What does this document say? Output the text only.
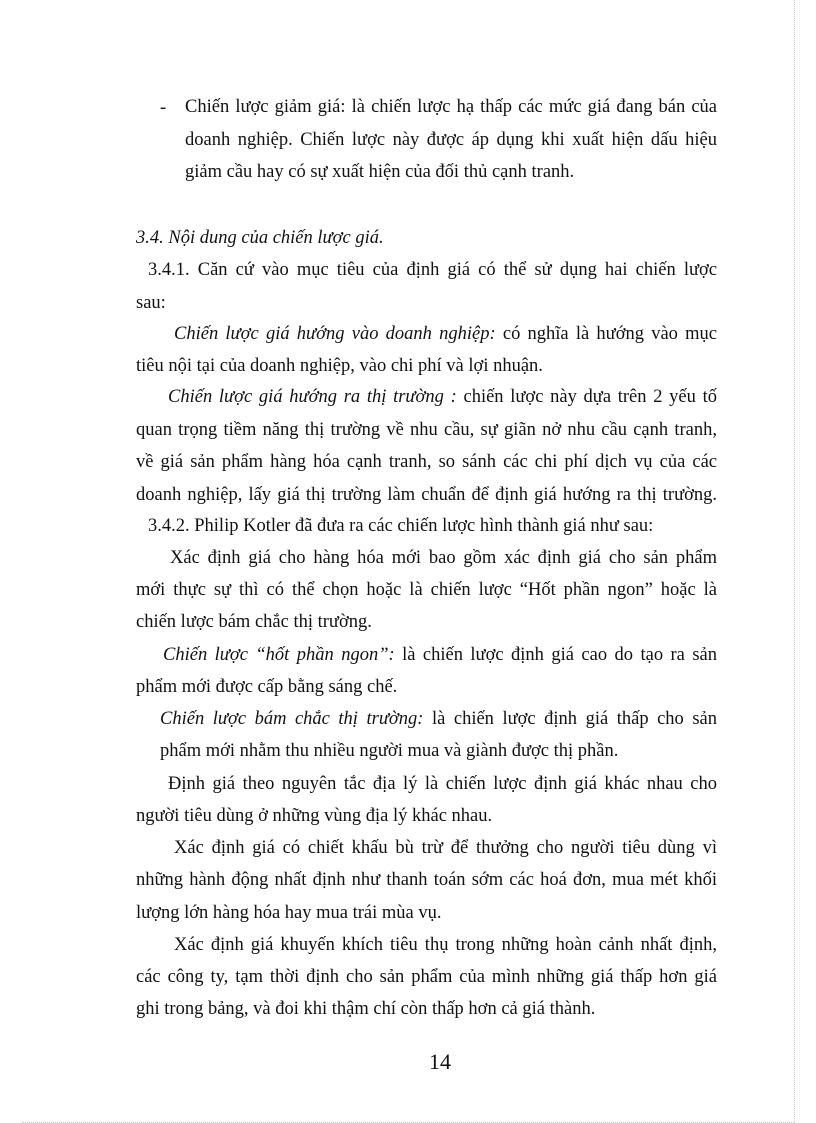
- Chiến lược giảm giá: là chiến lược hạ thấp các mức giá đang bán của
doanh nghiệp. Chiến lược này được áp dụng khi xuất hiện dấu hiệu
giảm cầu hay có sự xuất hiện của đối thủ cạnh tranh.
3.4. Nội dung của chiến lược giá.
3.4.1. Căn cứ vào mục tiêu của định giá có thể sử dụng hai chiến lược
sau:
Chiến lược giá hướng vào doanh nghiệp: có nghĩa là hướng vào mục
tiêu nội tại của doanh nghiệp, vào chi phí và lợi nhuận.
Chiến lược giá hướng ra thị trường : chiến lược này dựa trên 2 yếu tố
quan trọng tiềm năng thị trường về nhu cầu, sự giãn nở nhu cầu cạnh tranh,
về giá sản phẩm hàng hóa cạnh tranh, so sánh các chi phí dịch vụ của các
doanh nghiệp, lấy giá thị trường làm chuẩn để định giá hướng ra thị trường.
3.4.2. Philip Kotler đã đưa ra các chiến lược hình thành giá như sau:
Xác định giá cho hàng hóa mới bao gồm xác định giá cho sản phẩm
mới thực sự thì có thể chọn hoặc là chiến lược “Hốt phần ngon” hoặc là
chiến lược bám chắc thị trường.
Chiến lược “hốt phần ngon”: là chiến lược định giá cao do tạo ra sản
phẩm mới được cấp bằng sáng chế.
Chiến lược bám chắc thị trường: là chiến lược định giá thấp cho sản
phẩm mới nhằm thu nhiều người mua và giành được thị phần.
Định giá theo nguyên tắc địa lý là chiến lược định giá khác nhau cho
người tiêu dùng ở những vùng địa lý khác nhau.
Xác định giá có chiết khấu bù trừ để thưởng cho người tiêu dùng vì
những hành động nhất định như thanh toán sớm các hoá đơn, mua mét khối
lượng lớn hàng hóa hay mua trái mùa vụ.
Xác định giá khuyến khích tiêu thụ trong những hoàn cảnh nhất định,
các công ty, tạm thời định cho sản phẩm của mình những giá thấp hơn giá
ghi trong bảng, và đoi khi thậm chí còn thấp hơn cả giá thành.
14
